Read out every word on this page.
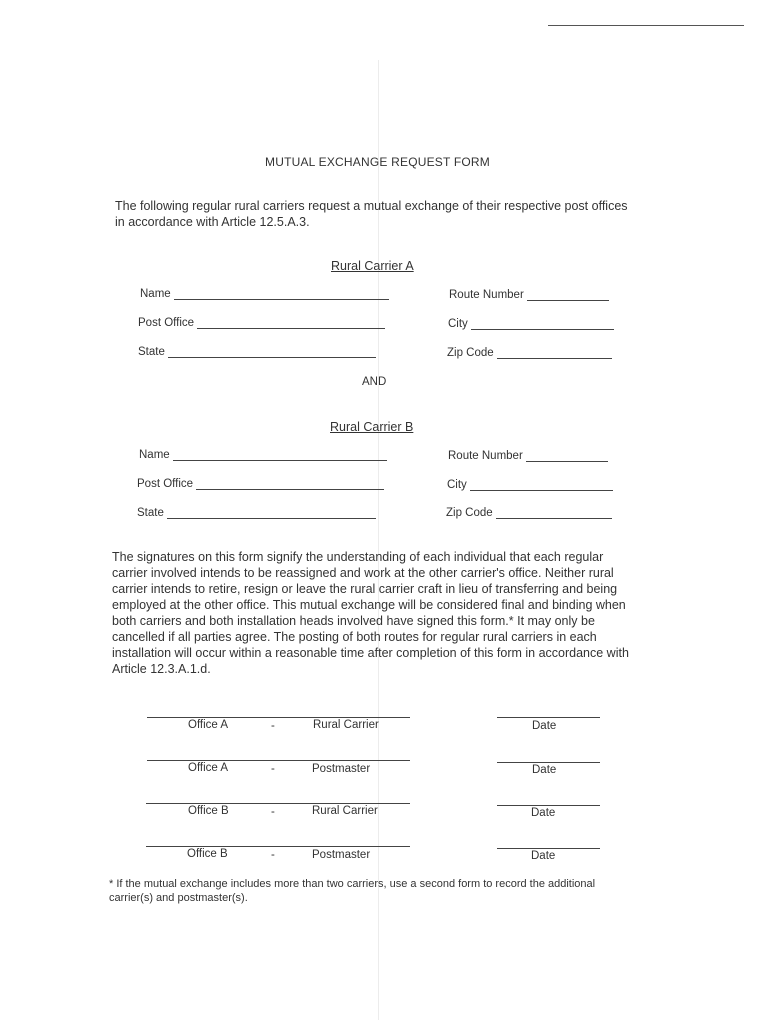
MUTUAL EXCHANGE REQUEST FORM
The following regular rural carriers request a mutual exchange of their respective post offices in accordance with Article 12.5.A.3.
Rural Carrier A
Name	Route Number
Post Office	City
State	Zip Code
AND
Rural Carrier B
Name	Route Number
Post Office	City
State	Zip Code
The signatures on this form signify the understanding of each individual that each regular carrier involved intends to be reassigned and work at the other carrier's office. Neither rural carrier intends to retire, resign or leave the rural carrier craft in lieu of transferring and being employed at the other office. This mutual exchange will be considered final and binding when both carriers and both installation heads involved have signed this form.* It may only be cancelled if all parties agree. The posting of both routes for regular rural carriers in each installation will occur within a reasonable time after completion of this form in accordance with Article 12.3.A.1.d.
Office A	-	Rural Carrier	Date
Office A	-	Postmaster	Date
Office B	-	Rural Carrier	Date
Office B	-	Postmaster	Date
* If the mutual exchange includes more than two carriers, use a second form to record the additional carrier(s) and postmaster(s).
